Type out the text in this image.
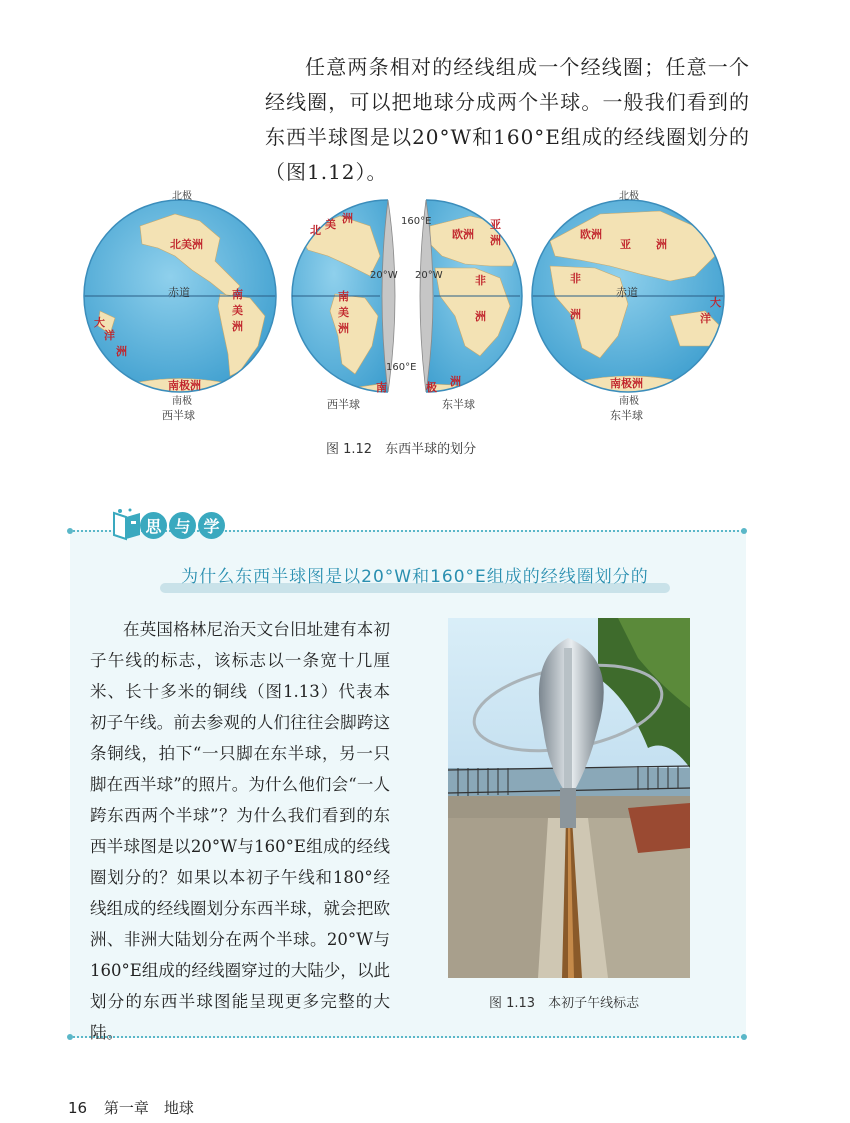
任意两条相对的经线组成一个经线圈；任意一个经线圈，可以把地球分成两个半球。一般我们看到的东西半球图是以20°W和160°E组成的经线圈划分的（图1.12）。

北极
北美洲
赤道	南
美
洲
大
洋
洲
南极洲
南极
西半球
160°E
20°W 20°W
160°E
北 美 洲
南
美
洲
欧洲
亚
洲
非
洲
南	极 洲
西半球	东半球
北极
欧洲
亚 洲
非
赤道
洲
大
洋
南极洲
南极
东半球
图 1.12　东西半球的划分
思 与 学
为什么东西半球图是以20°W和160°E组成的经线圈划分的

在英国格林尼治天文台旧址建有本初子午线的标志，该标志以一条宽十几厘米、长十多米的铜线（图1.13）代表本初子午线。前去参观的人们往往会脚跨这条铜线，拍下“一只脚在东半球，另一只脚在西半球”的照片。为什么他们会“一人跨东西两个半球”？为什么我们看到的东西半球图是以20°W与160°E组成的经线圈划分的？如果以本初子午线和180°经线组成的经线圈划分东西半球，就会把欧洲、非洲大陆划分在两个半球。20°W与160°E组成的经线圈穿过的大陆少，以此划分的东西半球图能呈现更多完整的大陆。

图 1.13　本初子午线标志
16 第一章　地球
